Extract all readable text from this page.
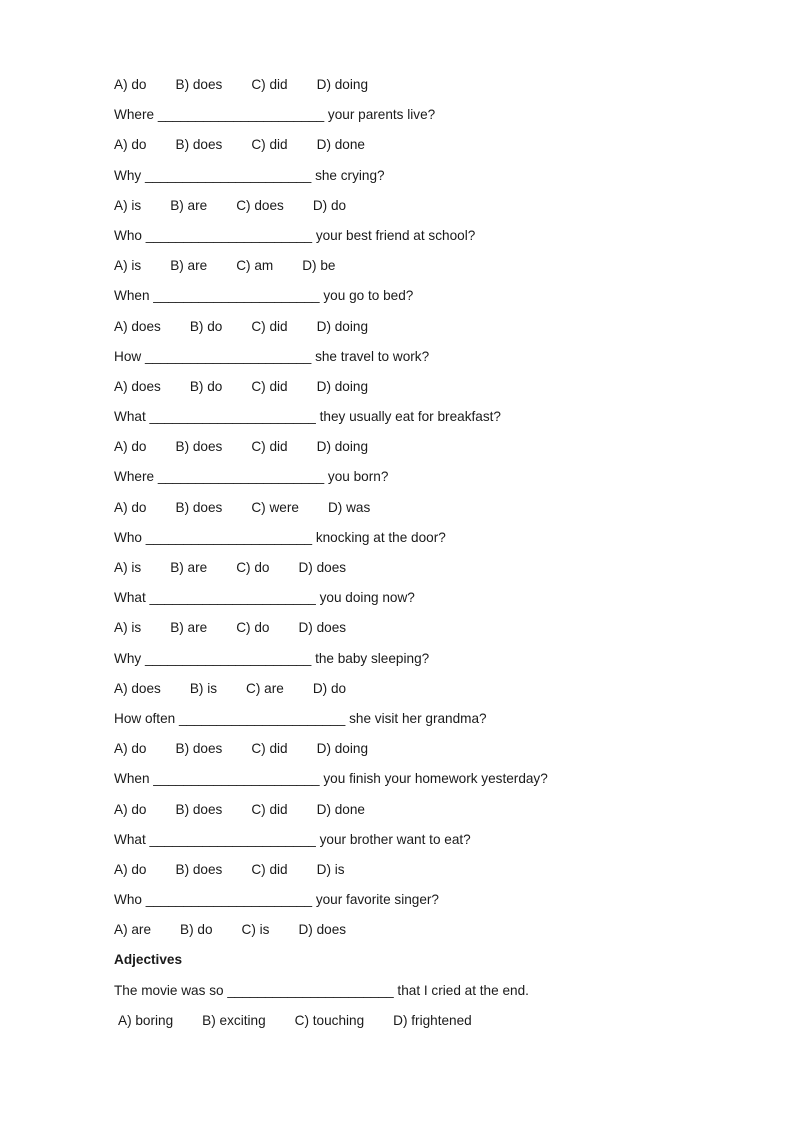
A) do B) does C) did D) doing
Where ______________________ your parents live?
A) do B) does C) did D) done
Why ______________________ she crying?
A) is B) are C) does D) do
Who ______________________ your best friend at school?
A) is B) are C) am D) be
When ______________________ you go to bed?
A) does B) do C) did D) doing
How ______________________ she travel to work?
A) does B) do C) did D) doing
What ______________________ they usually eat for breakfast?
A) do B) does C) did D) doing
Where ______________________ you born?
A) do B) does C) were D) was
Who ______________________ knocking at the door?
A) is B) are C) do D) does
What ______________________ you doing now?
A) is B) are C) do D) does
Why ______________________ the baby sleeping?
A) does B) is C) are D) do
How often ______________________ she visit her grandma?
A) do B) does C) did D) doing
When ______________________ you finish your homework yesterday?
A) do B) does C) did D) done
What ______________________ your brother want to eat?
A) do B) does C) did D) is
Who ______________________ your favorite singer?
A) are B) do C) is D) does
Adjectives
The movie was so ______________________ that I cried at the end.
A) boring B) exciting C) touching D) frightened
